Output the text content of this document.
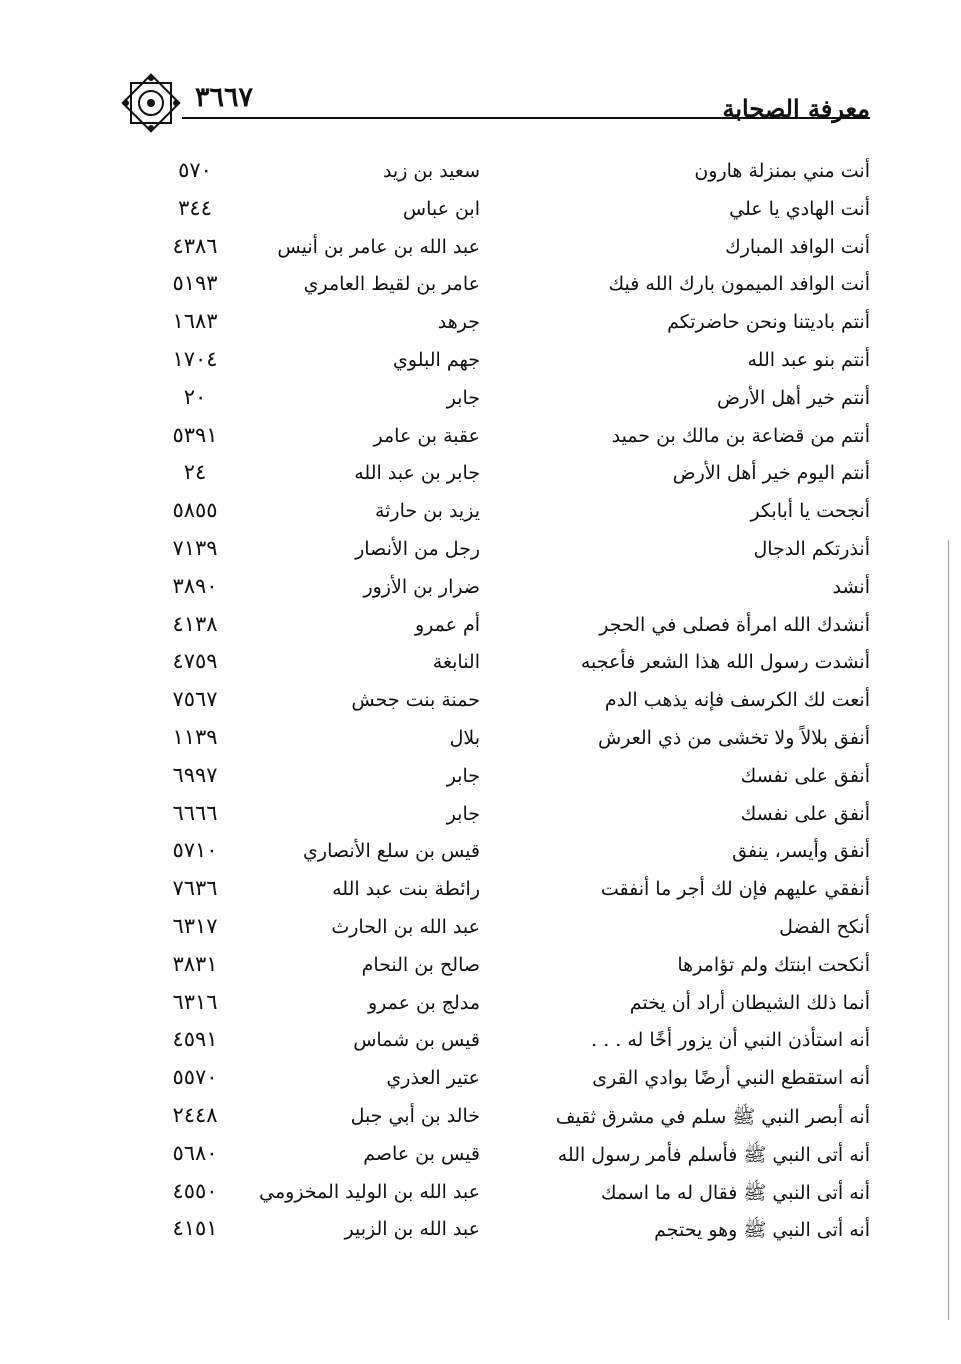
٣٦٦٧	معرفة الصحابة
أنت مني بمنزلة هارون
سعيد بن زيد
٥٧٠
أنت الهادي يا علي
ابن عباس
٣٤٤
أنت الوافد المبارك
عبد الله بن عامر بن أنيس
٤٣٨٦
أنت الوافد الميمون بارك الله فيك
عامر بن لقيط العامري
٥١٩٣
أنتم باديتنا ونحن حاضرتكم
جرهد
١٦٨٣
أنتم بنو عبد الله
جهم البلوي
١٧٠٤
أنتم خير أهل الأرض
جابر
٢٠
أنتم من قضاعة بن مالك بن حميد
عقبة بن عامر
٥٣٩١
أنتم اليوم خير أهل الأرض
جابر بن عبد الله
٢٤
أنجحت يا أبابكر
يزيد بن حارثة
٥٨٥٥
أنذرتكم الدجال
رجل من الأنصار
٧١٣٩
أنشد
ضرار بن الأزور
٣٨٩٠
أنشدك الله امرأة فصلى في الحجر
أم عمرو
٤١٣٨
أنشدت رسول الله هذا الشعر فأعجبه
النابغة
٤٧٥٩
أنعت لك الكرسف فإنه يذهب الدم
حمنة بنت جحش
٧٥٦٧
أنفق بلالاً ولا تخشى من ذي العرش
بلال
١١٣٩
أنفق على نفسك
جابر
٦٩٩٧
أنفق على نفسك
جابر
٦٦٦٦
أنفق وأيسر، ينفق
قيس بن سلع الأنصاري
٥٧١٠
أنفقي عليهم فإن لك أجر ما أنفقت
رائطة بنت عبد الله
٧٦٣٦
أنكح الفضل
عبد الله بن الحارث
٦٣١٧
أنكحت ابنتك ولم تؤامرها
صالح بن النحام
٣٨٣١
أنما ذلك الشيطان أراد أن يختم
مدلج بن عمرو
٦٣١٦
أنه استأذن النبي أن يزور أخًا له . . .
قيس بن شماس
٤٥٩١
أنه استقطع النبي أرضًا بوادي القرى
عتير العذري
٥٥٧٠
أنه أبصر النبي ﷺ سلم في مشرق ثقيف
خالد بن أبي جبل
٢٤٤٨
أنه أتى النبي ﷺ فأسلم فأمر رسول الله
قيس بن عاصم
٥٦٨٠
أنه أتى النبي ﷺ فقال له ما اسمك
عبد الله بن الوليد المخزومي
٤٥٥٠
أنه أتى النبي ﷺ وهو يحتجم
عبد الله بن الزبير
٤١٥١
